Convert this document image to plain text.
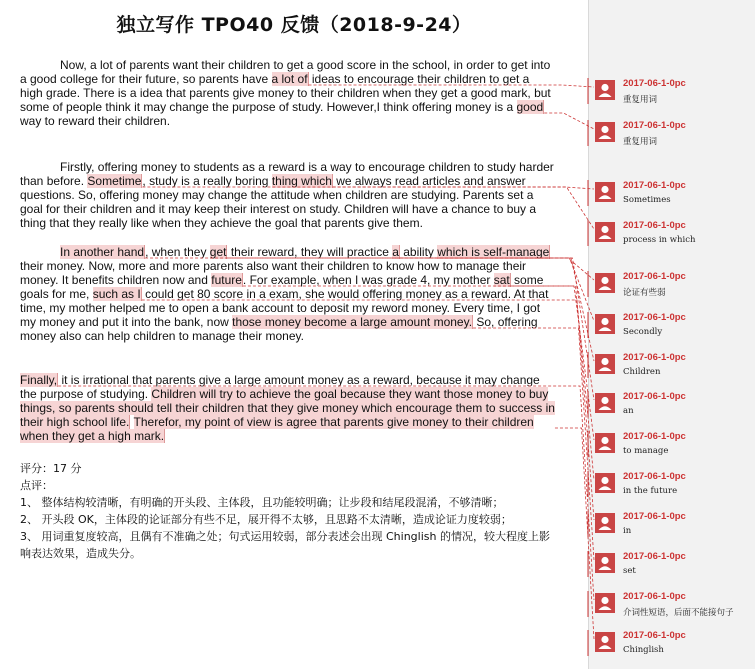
独立写作 TPO40 反馈（2018-9-24）

Now, a lot of parents want their children to get a good score in the school, in order to get into a good college for their future, so parents have a lot of ideas to encourage their children to get a high grade. There is a idea that parents give money to their children when they get a good mark, but some of people think it may change the purpose of study. However,I think offering money is a good way to reward their children.

Firstly, offering money to students as a reward is a way to encourage children to study harder than before. Sometime, study is a really boring thing which we always read articles and answer questions. So, offering money may change the attitude when children are studying. Parents set a goal for their children and it may keep their interest on study. Children will have a chance to buy a thing that they really like when they achieve the goal that parents give them.

In another hand, when they get their reward, they will practice a ability which is self-manage their money. Now, more and more parents also want their children to know how to manage their money. It benefits children now and future. For example, when I was grade 4, my mother sat some goals for me, such as I could get 80 score in a exam, she would offering money as a reward. At that time, my mother helped me to open a bank account to deposit my reword money. Every time, I got my money and put it into the bank, now those money become a large amount money. So, offering money also can help children to manage their money.

Finally, it is irrational that parents give a large amount money as a reward, because it may change the purpose of studying. Children will try to achieve the goal because they want those money to buy things, so parents should tell their children that they give money which encourage them to success in their high school life. Therefor, my point of view is agree that parents give money to their children when they get a high mark.

评分：17 分
点评：
1、 整体结构较清晰，有明确的开头段、主体段，且功能较明确；让步段和结尾段混淆，不够清晰；
2、 开头段 OK，主体段的论证部分有些不足，展开得不太够，且思路不太清晰，造成论证力度较弱；
3、 用词重复度较高，且偶有不准确之处；句式运用较弱，部分表述会出现 Chinglish 的情况，较大程度上影响表达效果，造成失分。
2017-06-1-0pc
重复用词
2017-06-1-0pc
重复用词
2017-06-1-0pc
Sometimes
2017-06-1-0pc
process in which
2017-06-1-0pc
论证有些弱
2017-06-1-0pc
Secondly
2017-06-1-0pc
Children
2017-06-1-0pc
an
2017-06-1-0pc
to manage
2017-06-1-0pc
in the future
2017-06-1-0pc
in
2017-06-1-0pc
set
2017-06-1-0pc
介词性短语，后面不能接句子
2017-06-1-0pc
Chinglish
